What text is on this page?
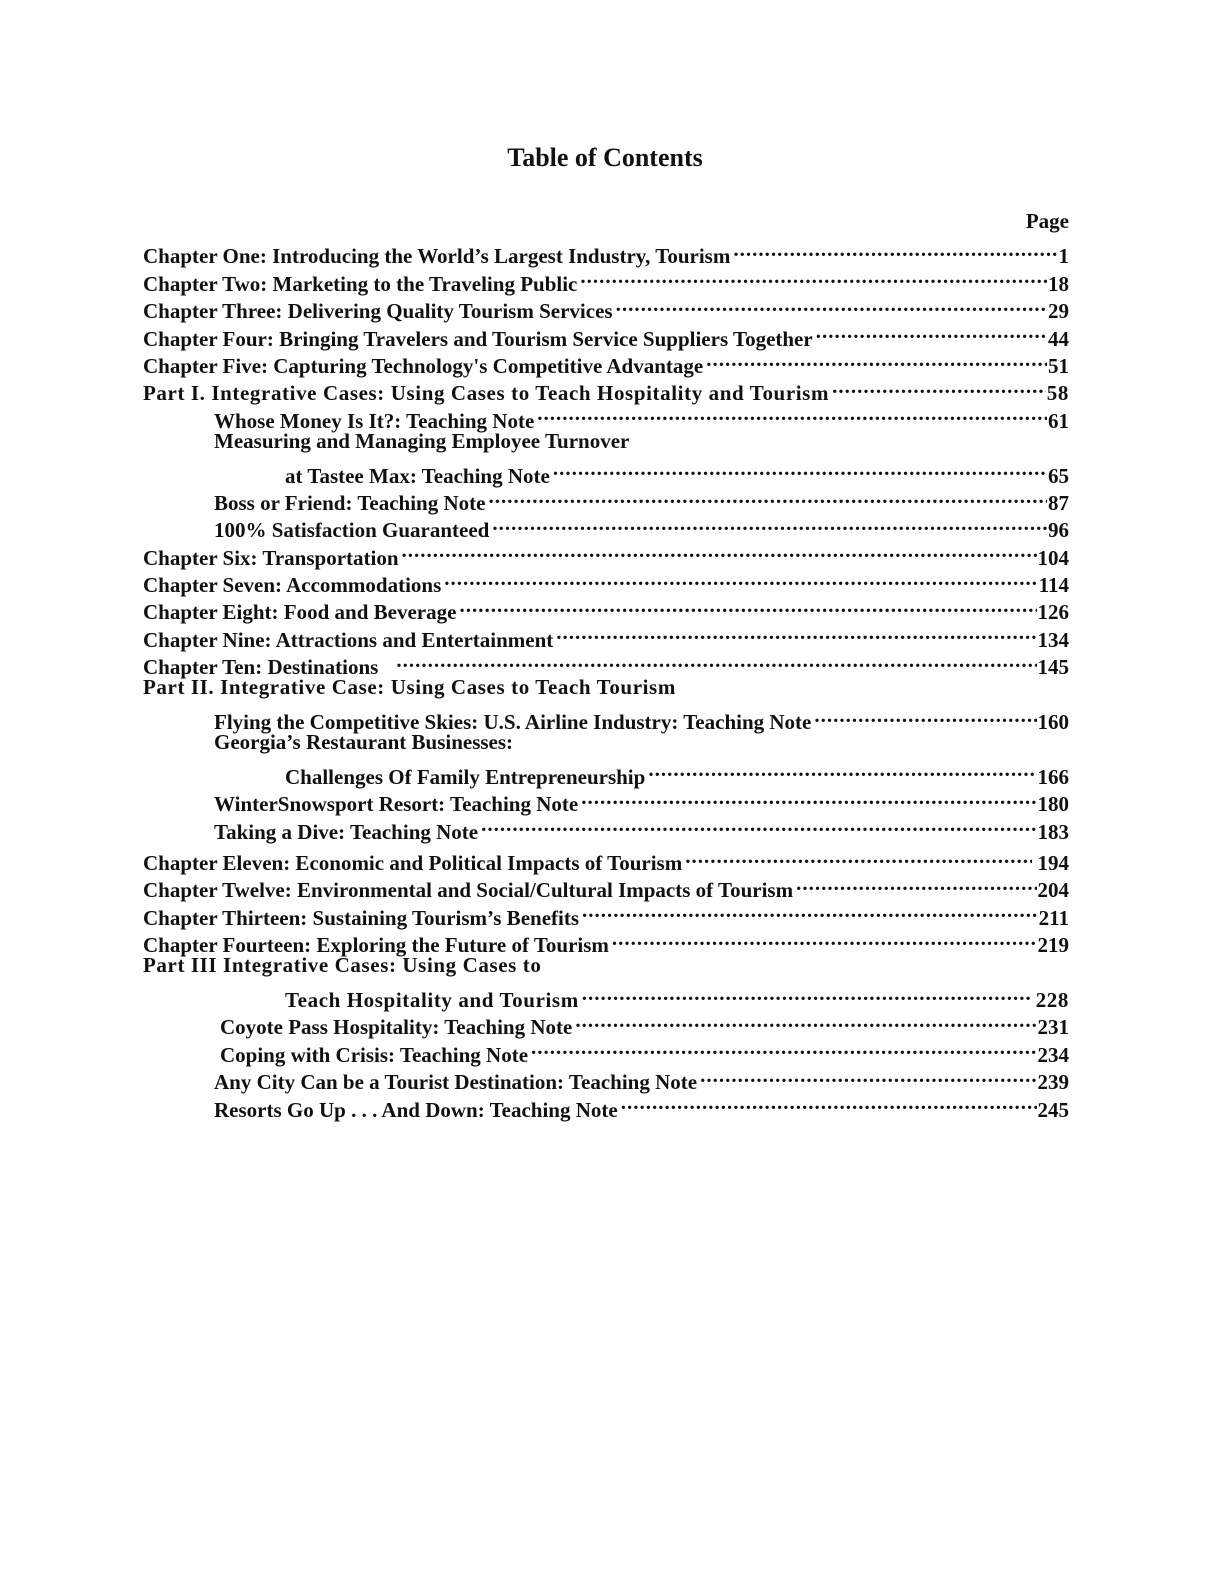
Table of Contents
Page
Chapter One: Introducing the World’s Largest Industry, Tourism .....	1
Chapter Two: Marketing to the Traveling Public .....	18
Chapter Three: Delivering Quality Tourism Services .....	29
Chapter Four: Bringing Travelers and Tourism Service Suppliers Together .....	44
Chapter Five: Capturing Technology's Competitive Advantage .....	51
Part I. Integrative Cases: Using Cases to Teach Hospitality and Tourism .....	58
Whose Money Is It?: Teaching Note .....	61
Measuring and Managing Employee Turnover
at Tastee Max: Teaching Note .....	65
Boss or Friend: Teaching Note .....	87
100% Satisfaction Guaranteed .....	96
Chapter Six: Transportation .....	104
Chapter Seven: Accommodations .....	114
Chapter Eight: Food and Beverage .....	126
Chapter Nine: Attractions and Entertainment .....	134
Chapter Ten: Destinations .....	145
Part II. Integrative Case: Using Cases to Teach Tourism
Flying the Competitive Skies: U.S. Airline Industry: Teaching Note .....	160
Georgia’s Restaurant Businesses:
Challenges Of Family Entrepreneurship .....	166
WinterSnowsport Resort: Teaching Note .....	180
Taking a Dive: Teaching Note .....	183
Chapter Eleven: Economic and Political Impacts of Tourism .....	194
Chapter Twelve: Environmental and Social/Cultural Impacts of Tourism .....	204
Chapter Thirteen: Sustaining Tourism’s Benefits .....	211
Chapter Fourteen: Exploring the Future of Tourism .....	219
Part III Integrative Cases: Using Cases to
Teach Hospitality and Tourism .....	228
Coyote Pass Hospitality: Teaching Note .....	231
Coping with Crisis: Teaching Note .....	234
Any City Can be a Tourist Destination: Teaching Note .....	239
Resorts Go Up . . . And Down: Teaching Note .....	245
